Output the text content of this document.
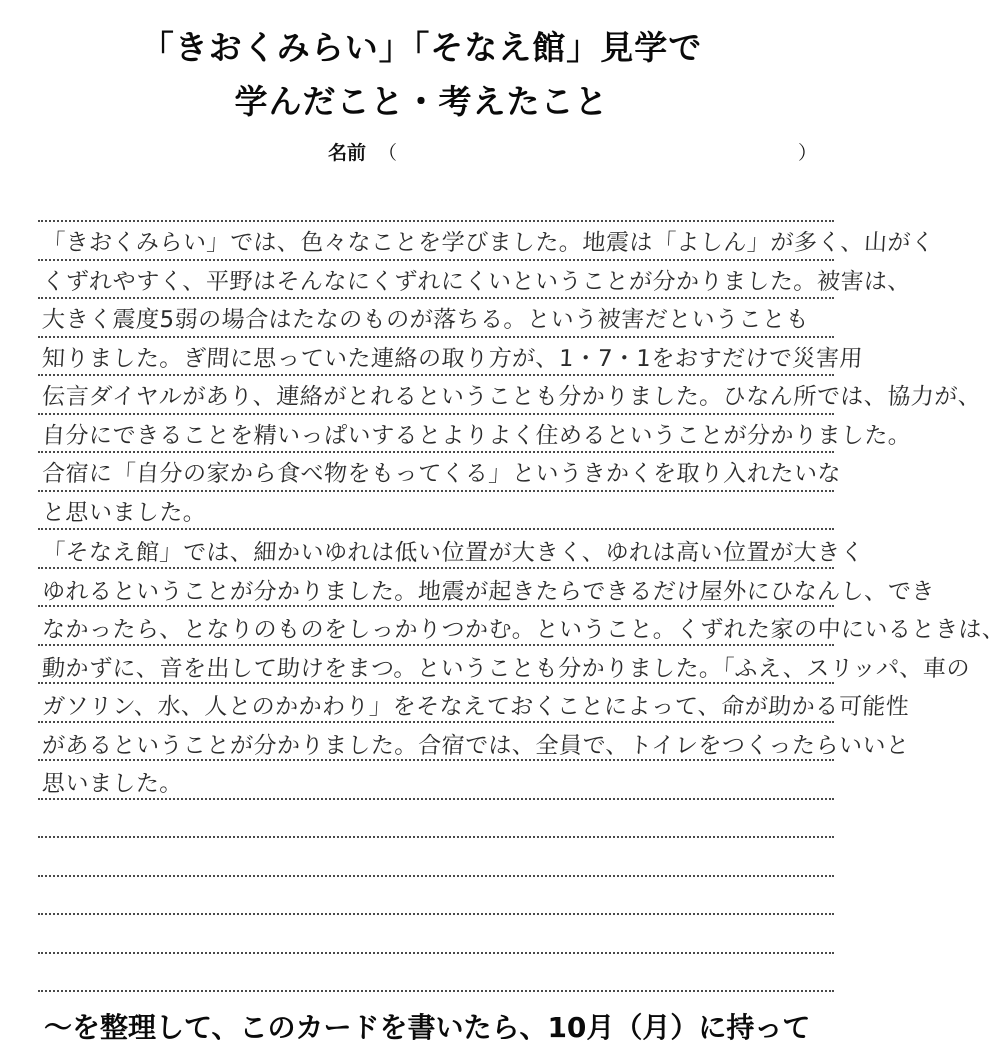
「きおくみらい」「そなえ館」見学で
学んだこと・考えたこと
名前 （	）
「きおくみらい」では、色々なことを学びました。地震は「よしん」が多く、山がく
くずれやすく、平野はそんなにくずれにくいということが分かりました。被害は、
大きく震度5弱の場合はたなのものが落ちる。という被害だということも
知りました。ぎ問に思っていた連絡の取り方が、1・7・1をおすだけで災害用
伝言ダイヤルがあり、連絡がとれるということも分かりました。ひなん所では、協力が、
自分にできることを精いっぱいするとよりよく住めるということが分かりました。
合宿に「自分の家から食べ物をもってくる」というきかくを取り入れたいな
と思いました。
「そなえ館」では、細かいゆれは低い位置が大きく、ゆれは高い位置が大きく
ゆれるということが分かりました。地震が起きたらできるだけ屋外にひなんし、でき
なかったら、となりのものをしっかりつかむ。ということ。くずれた家の中にいるときは、
動かずに、音を出して助けをまつ。ということも分かりました。「ふえ、スリッパ、車の
ガソリン、水、人とのかかわり」をそなえておくことによって、命が助かる可能性
があるということが分かりました。合宿では、全員で、トイレをつくったらいいと
思いました。
～を整理して、このカードを書いたら、10月（月）に持って
